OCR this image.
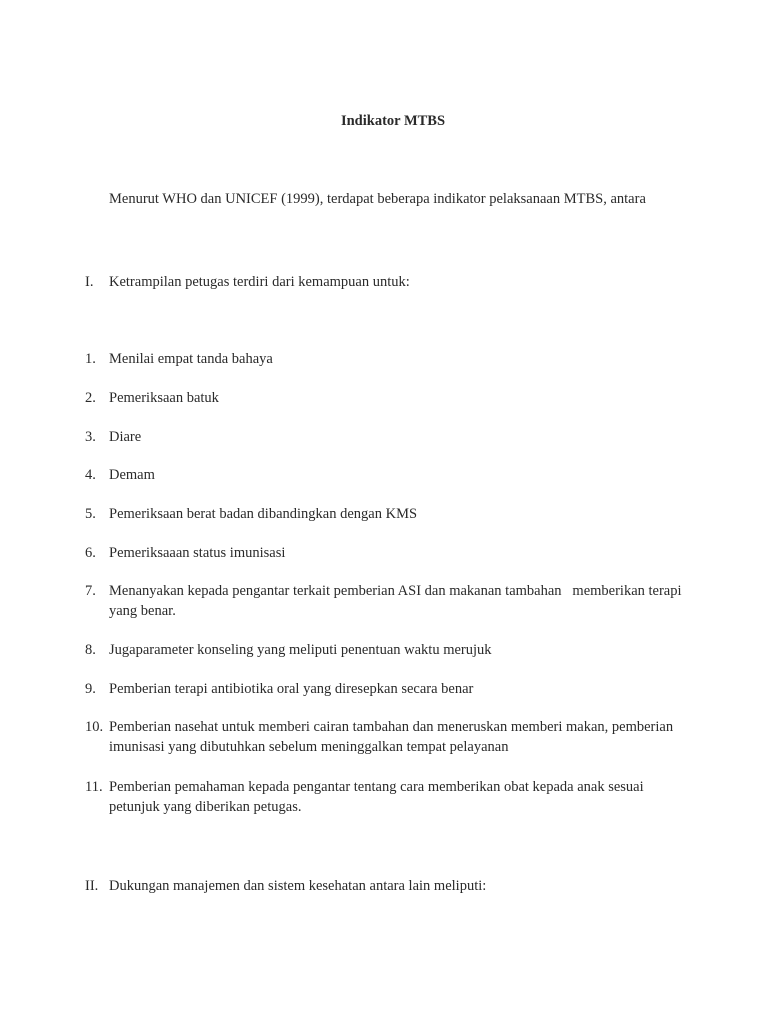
Indikator MTBS
Menurut WHO dan UNICEF (1999), terdapat beberapa indikator pelaksanaan MTBS, antara
I. Ketrampilan petugas terdiri dari kemampuan untuk:
1. Menilai empat tanda bahaya
2. Pemeriksaan batuk
3. Diare
4. Demam
5. Pemeriksaan berat badan dibandingkan dengan KMS
6. Pemeriksaaan status imunisasi
7. Menanyakan kepada pengantar terkait pemberian ASI dan makanan tambahan   memberikan terapi yang benar.
8. Jugaparameter konseling yang meliputi penentuan waktu merujuk
9. Pemberian terapi antibiotika oral yang diresepkan secara benar
10. Pemberian nasehat untuk memberi cairan tambahan dan meneruskan memberi makan, pemberian imunisasi yang dibutuhkan sebelum meninggalkan tempat pelayanan
11. Pemberian pemahaman kepada pengantar tentang cara memberikan obat kepada anak sesuai petunjuk yang diberikan petugas.
II. Dukungan manajemen dan sistem kesehatan antara lain meliputi:
